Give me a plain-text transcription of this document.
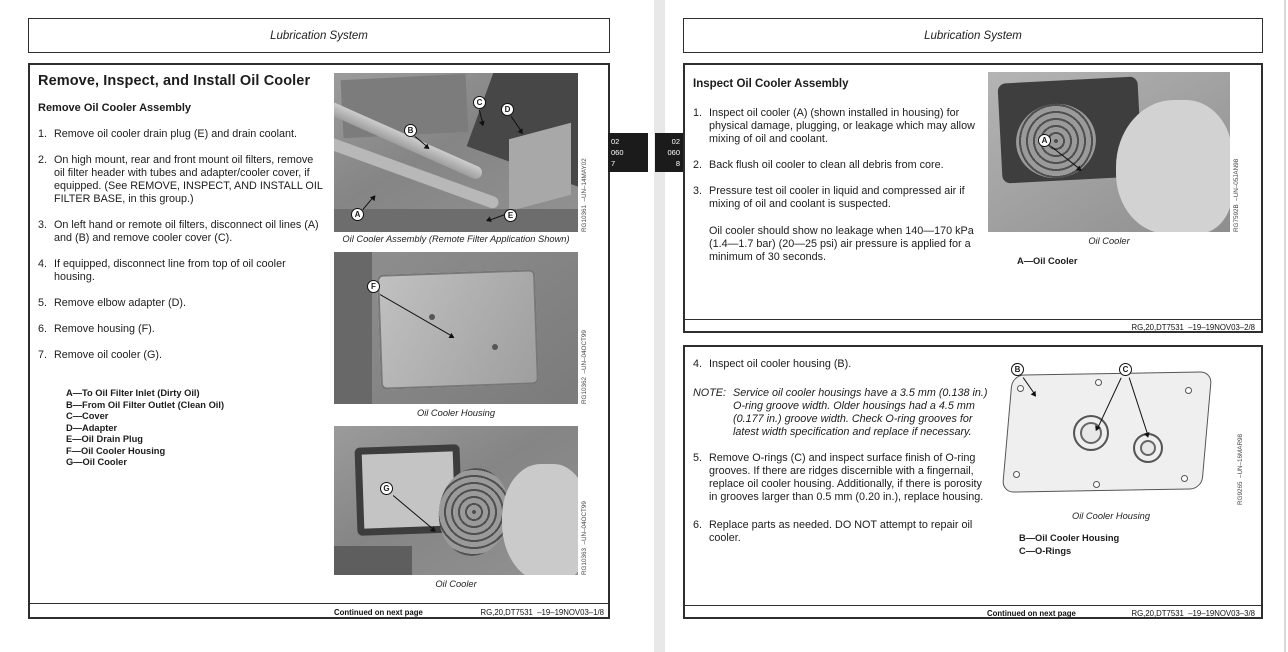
Lubrication System
Remove, Inspect, and Install Oil Cooler
Remove Oil Cooler Assembly
1. Remove oil cooler drain plug (E) and drain coolant.
2. On high mount, rear and front mount oil filters, remove oil filter header with tubes and adapter/cooler cover, if equipped. (See REMOVE, INSPECT, AND INSTALL OIL FILTER BASE, in this group.)
3. On left hand or remote oil filters, disconnect oil lines (A) and (B) and remove cooler cover (C).
4. If equipped, disconnect line from top of oil cooler housing.
5. Remove elbow adapter (D).
6. Remove housing (F).
7. Remove oil cooler (G).
A—To Oil Filter Inlet (Dirty Oil)
B—From Oil Filter Outlet (Clean Oil)
C—Cover
D—Adapter
E—Oil Drain Plug
F—Oil Cooler Housing
G—Oil Cooler
A
B
C
D
E
Oil Cooler Assembly (Remote Filter Application Shown)
RG10361  –UN–14MAY02
F
Oil Cooler Housing
RG10362  –UN–04OCT99
G
Oil Cooler
RG10363  –UN–04OCT99
Continued on next page	RG,20,DT7531  –19–19NOV03–1/8
02
060
7
02
060
8
Lubrication System
Inspect Oil Cooler Assembly
1. Inspect oil cooler (A) (shown installed in housing) for physical damage, plugging, or leakage which may allow mixing of oil and coolant.
2. Back flush oil cooler to clean all debris from core.
3. Pressure test oil cooler in liquid and compressed air if mixing of oil and coolant is suspected.
Oil cooler should show no leakage when 140—170 kPa (1.4—1.7 bar) (20—25 psi) air pressure is applied for a minimum of 30 seconds.
A
Oil Cooler
A—Oil Cooler
RG7592B  –UN–05JAN98
RG,20,DT7531  –19–19NOV03–2/8
4. Inspect oil cooler housing (B).
NOTE: Service oil cooler housings have a 3.5 mm (0.138 in.) O-ring groove width. Older housings had a 4.5 mm (0.177 in.) groove width. Check O-ring grooves for latest width specification and replace if necessary.
5. Remove O-rings (C) and inspect surface finish of O-ring grooves. If there are ridges discernible with a fingernail, replace oil cooler housing. Additionally, if there is porosity in grooves larger than 0.5 mm (0.20 in.), replace housing.
6. Replace parts as needed. DO NOT attempt to repair oil cooler.
B	C
Oil Cooler Housing
B—Oil Cooler Housing
C—O-Rings
RG9265  –UN–16MAR98
Continued on next page	RG,20,DT7531  –19–19NOV03–3/8
